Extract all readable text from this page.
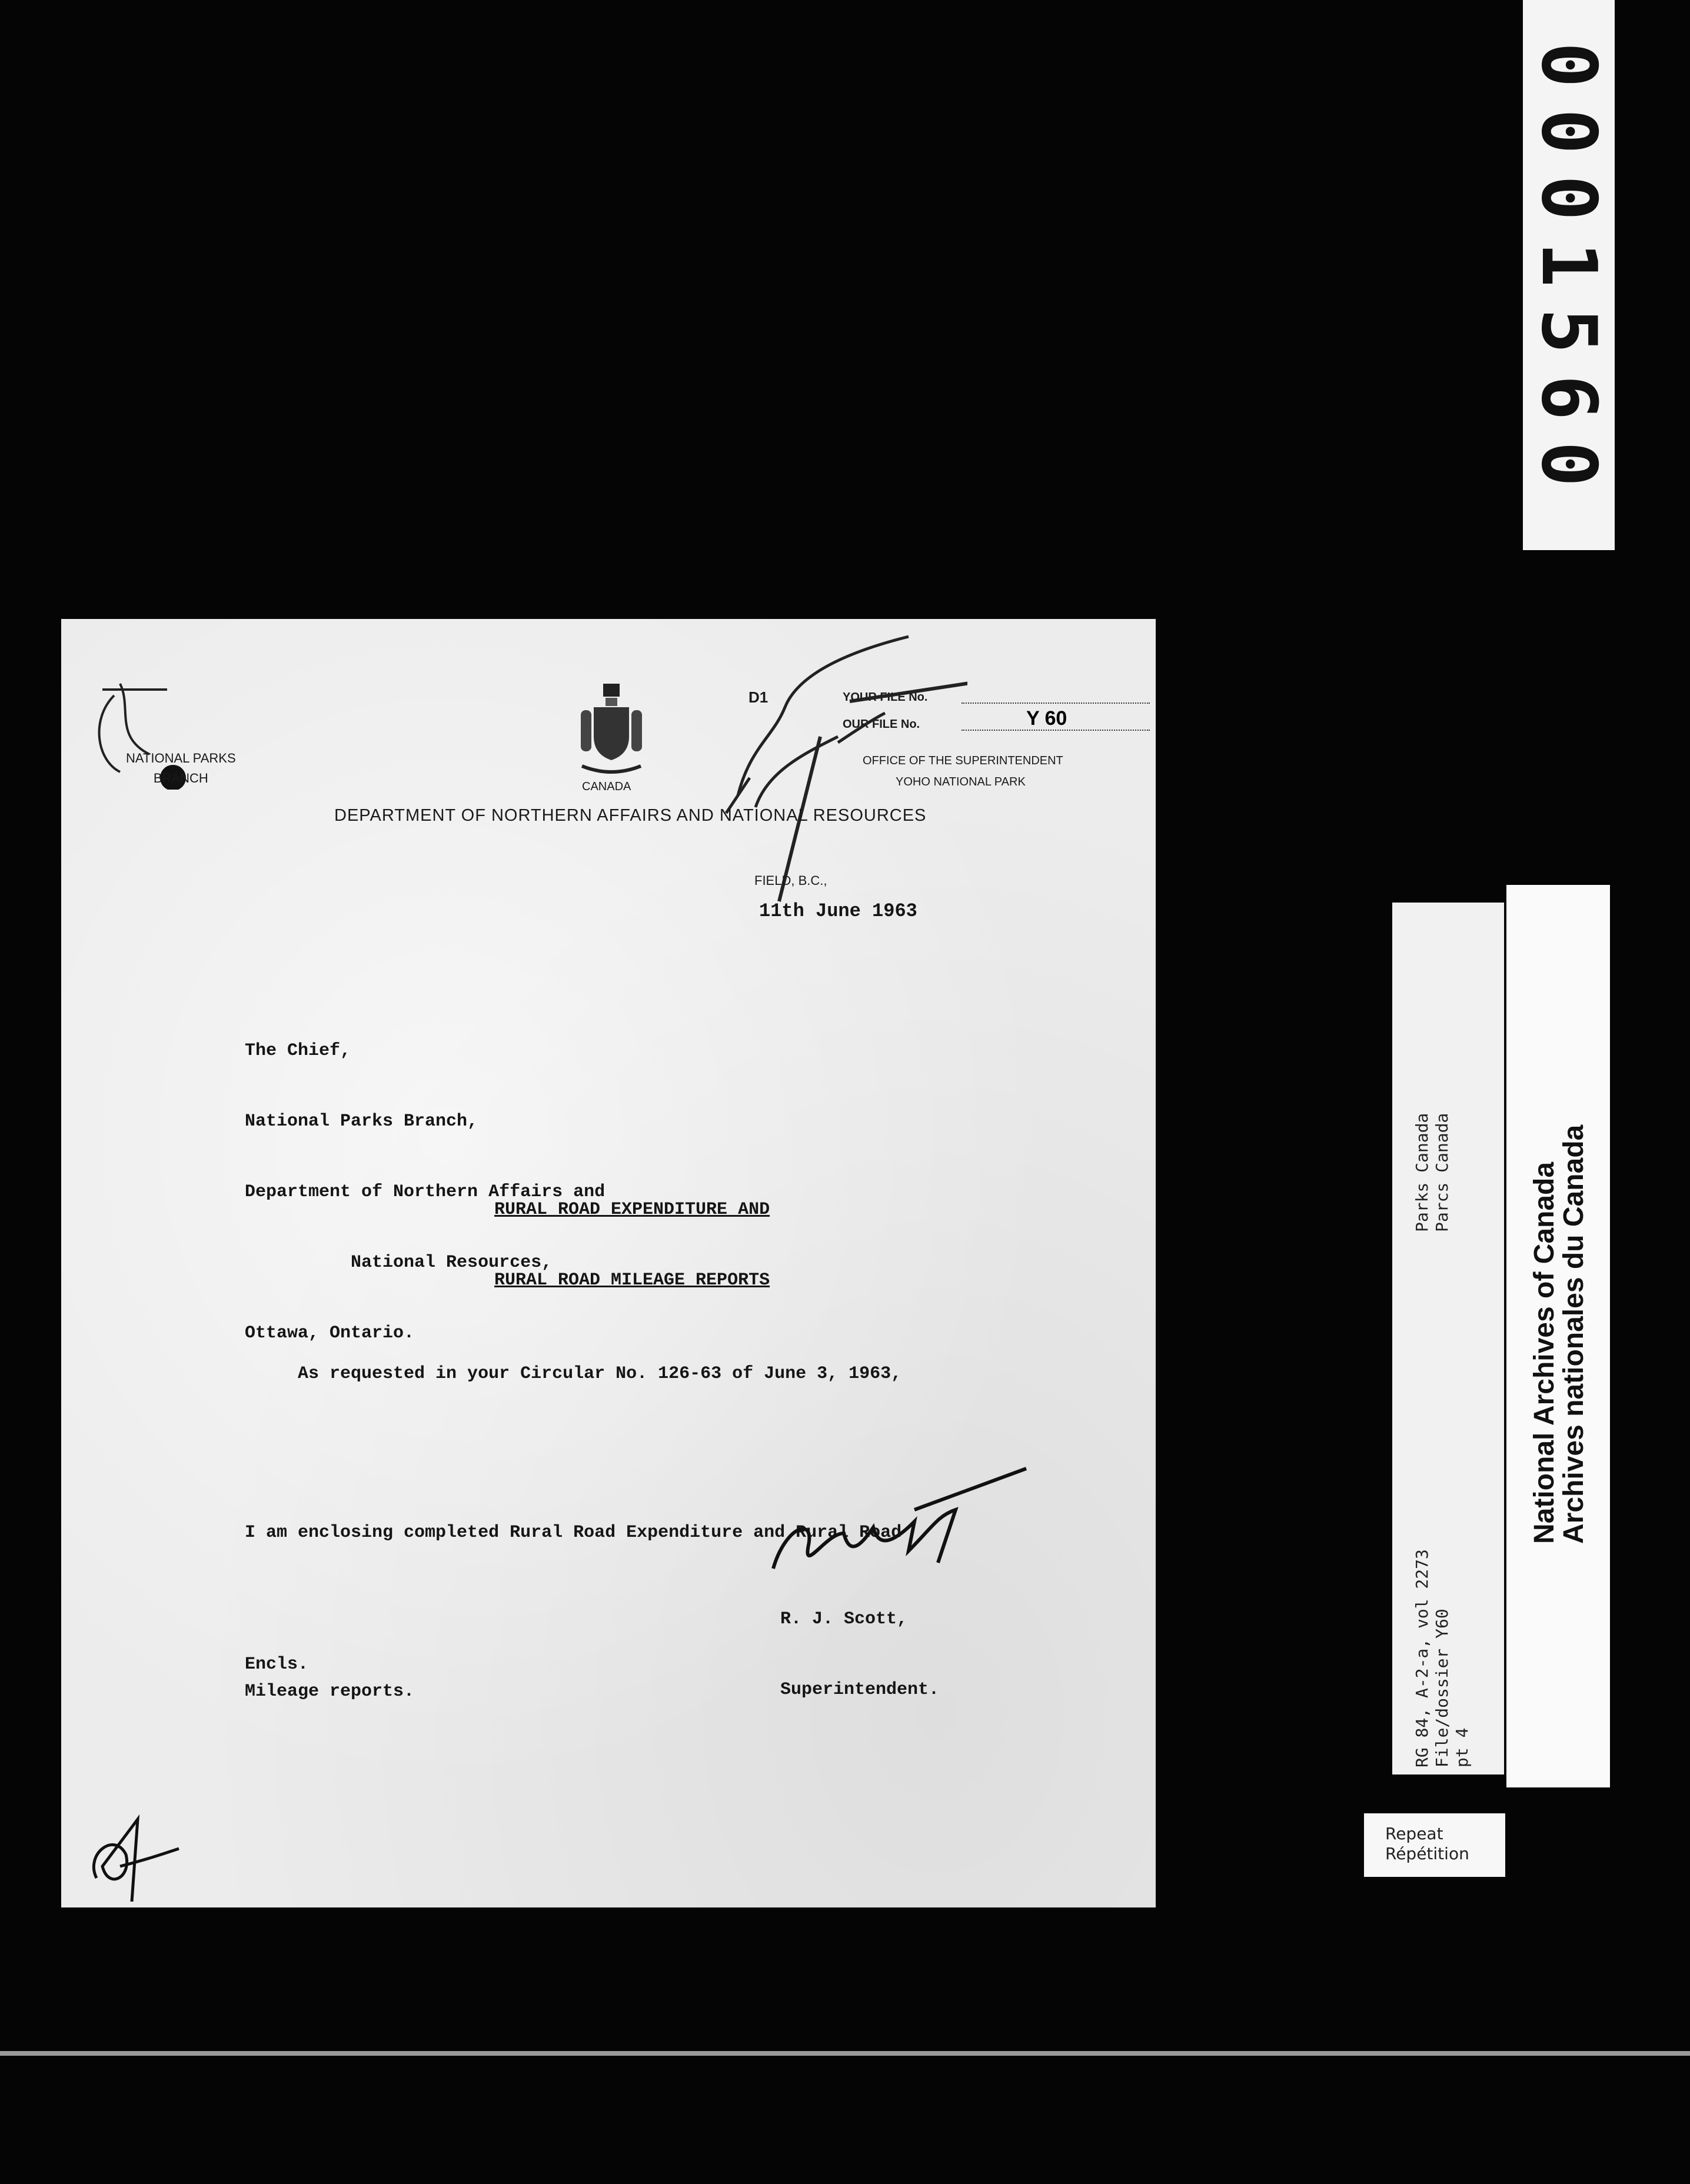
0001560
NATIONAL PARKS
BRANCH
CANADA
D1	YOUR FILE No.
OUR FILE No.	Y 60
OFFICE OF THE SUPERINTENDENT
YOHO NATIONAL PARK
DEPARTMENT OF NORTHERN AFFAIRS AND NATIONAL RESOURCES
FIELD, B.C.,
11th June 1963

The Chief,

National Parks Branch,

Department of Northern Affairs and

National Resources,

Ottawa, Ontario.

RURAL ROAD EXPENDITURE AND

RURAL ROAD MILEAGE REPORTS

As requested in your Circular No. 126-63 of June 3, 1963,

I am enclosing completed Rural Road Expenditure and Rural Road

Mileage reports.

R. J. Scott,

Superintendent.

Encls.	RG 84, A-2-a, vol 2273 File/dossier Y60 pt 4
Parks Canada Parcs Canada	National Archives of Canada
Archives nationales du Canada
Repeat
Répétition
